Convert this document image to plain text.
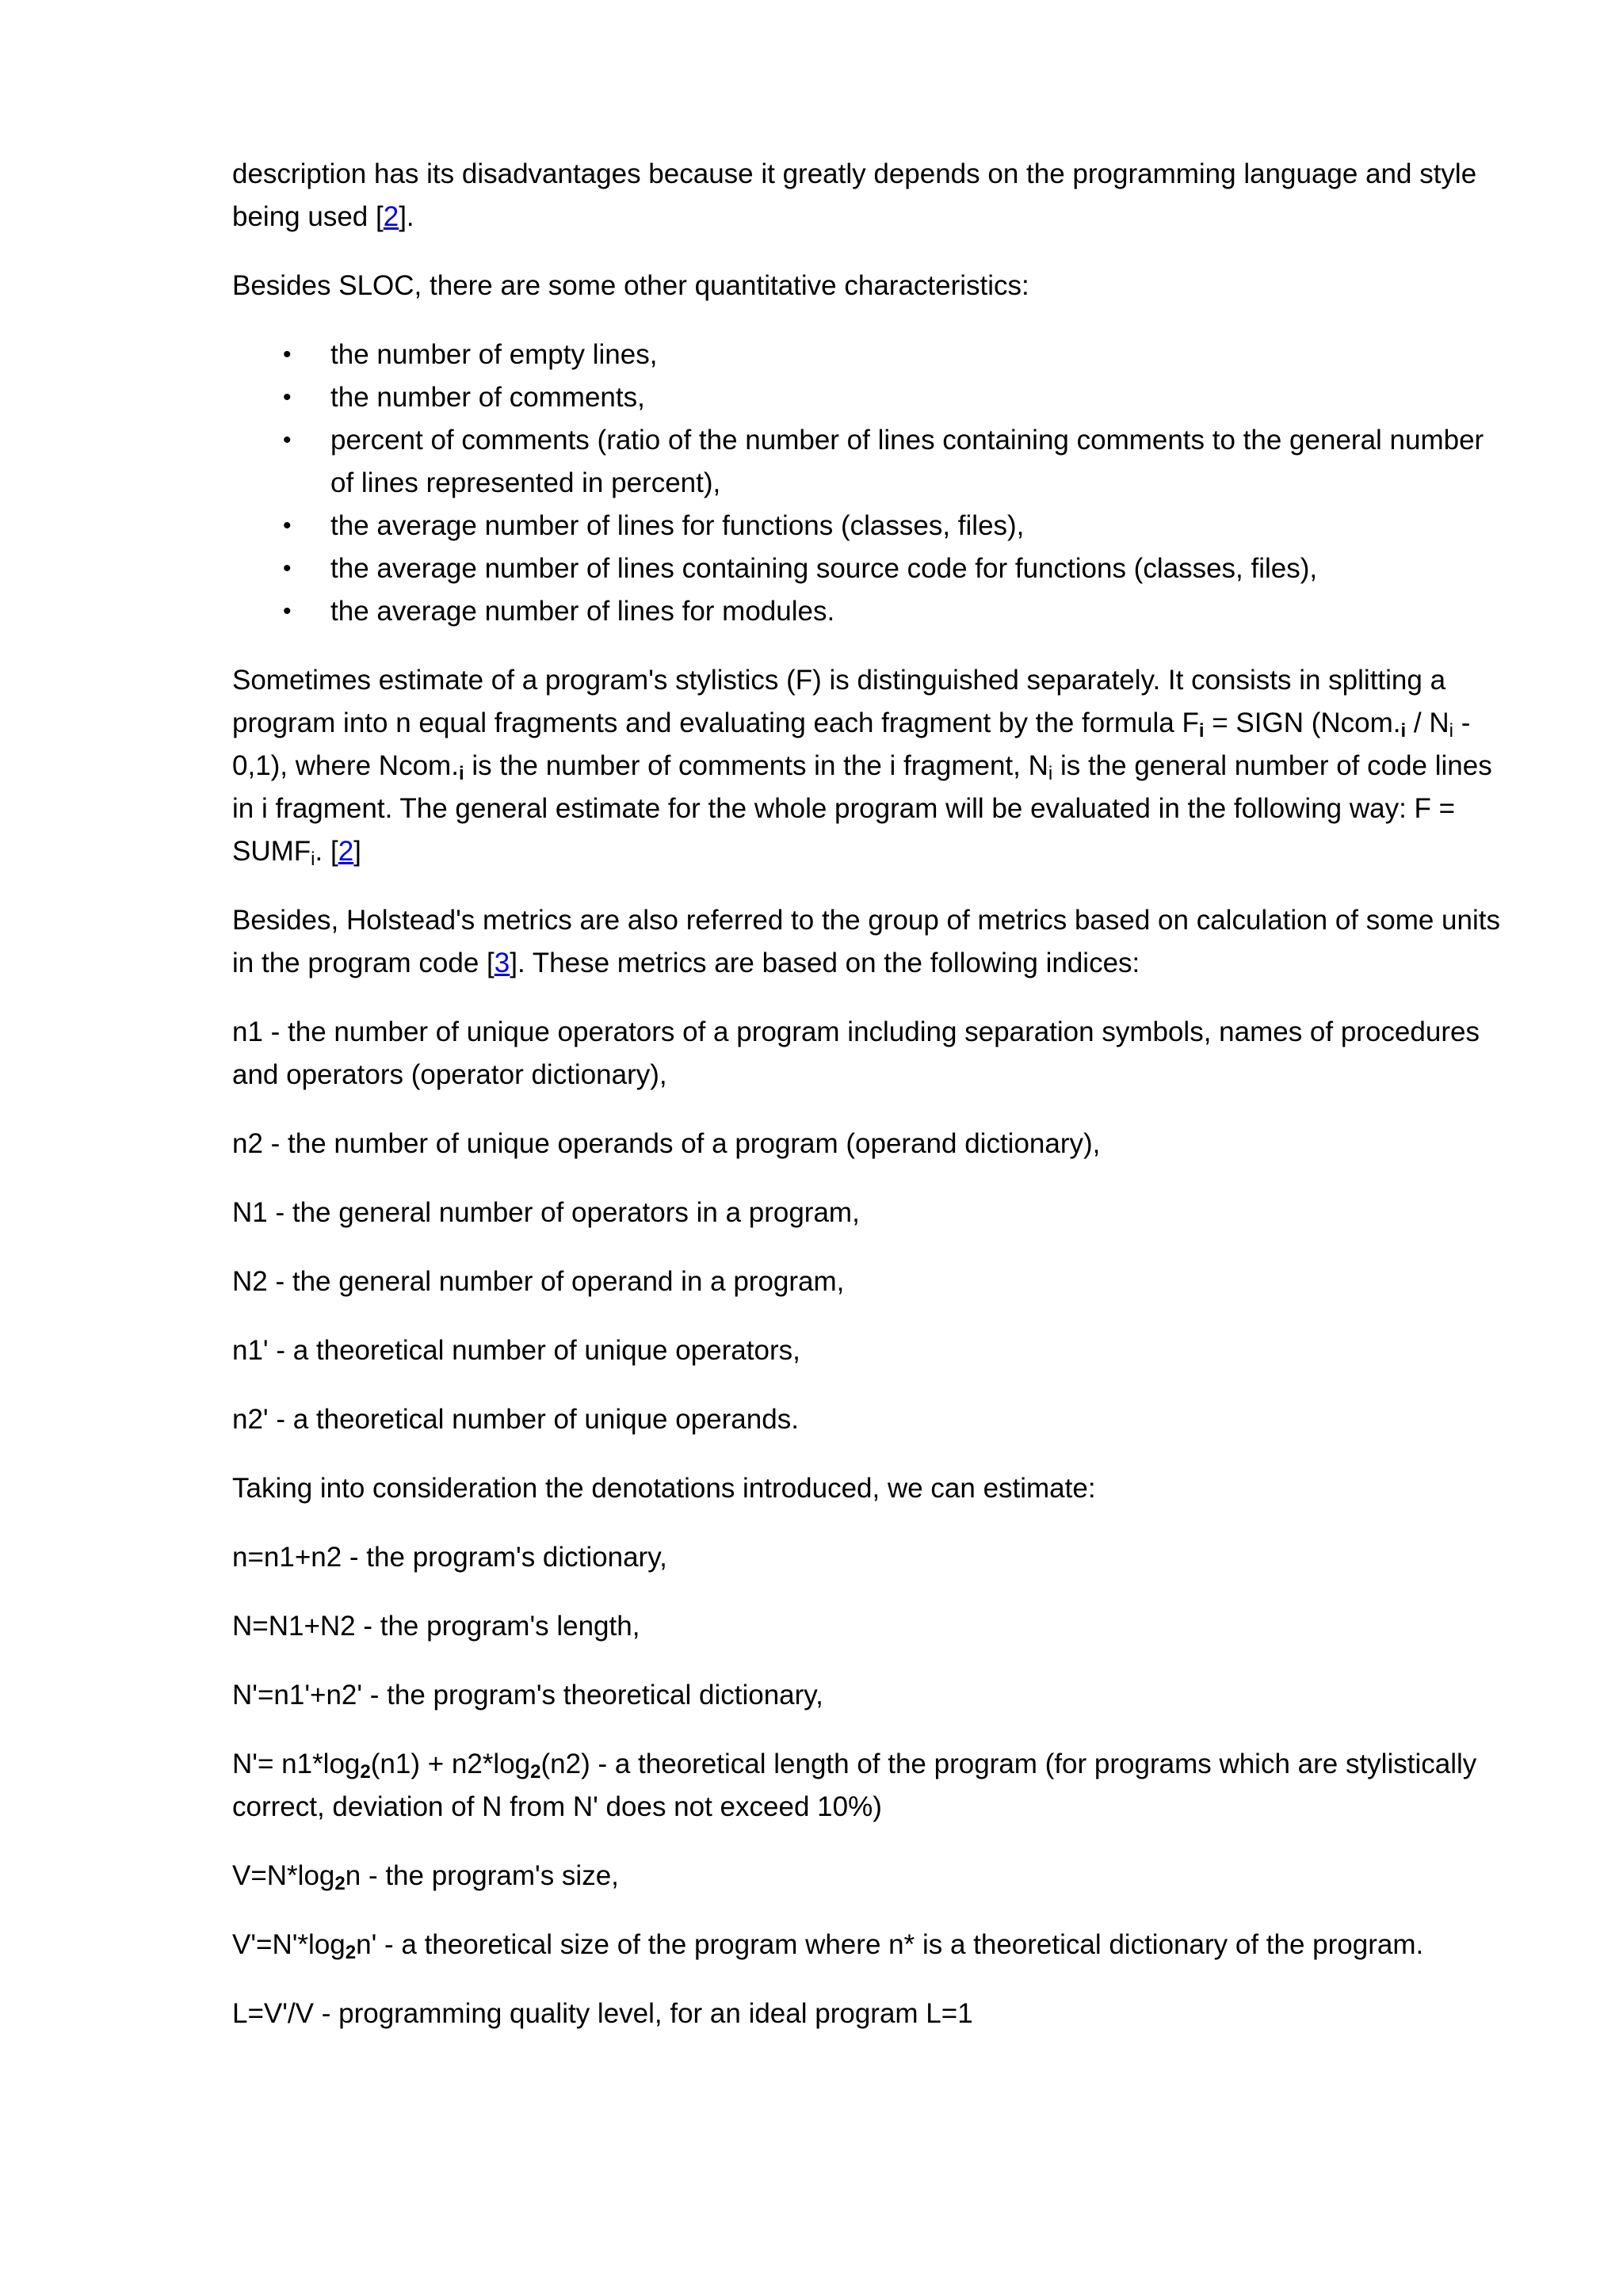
description has its disadvantages because it greatly depends on the programming language and style being used [2].

Besides SLOC, there are some other quantitative characteristics:

• the number of empty lines,
• the number of comments,
• percent of comments (ratio of the number of lines containing comments to the general number of lines represented in percent),
• the average number of lines for functions (classes, files),
• the average number of lines containing source code for functions (classes, files),
• the average number of lines for modules.

Sometimes estimate of a program's stylistics (F) is distinguished separately. It consists in splitting a program into n equal fragments and evaluating each fragment by the formula $F_i$ = SIGN $(Ncom._i / N_i - 0,1)$, where $Ncom._i$ is the number of comments in the i fragment, $N_i$ is the general number of code lines in i fragment. The general estimate for the whole program will be evaluated in the following way: $F = SUMF_i$. [2]

Besides, Holstead's metrics are also referred to the group of metrics based on calculation of some units in the program code [3]. These metrics are based on the following indices:

n1 - the number of unique operators of a program including separation symbols, names of procedures and operators (operator dictionary),

n2 - the number of unique operands of a program (operand dictionary),

N1 - the general number of operators in a program,

N2 - the general number of operand in a program,

n1' - a theoretical number of unique operators,

n2' - a theoretical number of unique operands.

Taking into consideration the denotations introduced, we can estimate:

n=n1+n2 - the program's dictionary,

N=N1+N2 - the program's length,

N'=n1'+n2' - the program's theoretical dictionary,

$N'= n1*\log_2(n1) + n2*\log_2(n2) - a$ theoretical length of the program (for programs which are stylistically correct, deviation of N from N' does not exceed 10%)

$V=N*\log_2n$ - the program's size,

$V'=N'*\log_2n' - a$ theoretical size of the program where n* is a theoretical dictionary of the program.

L=V'/V - programming quality level, for an ideal program L=1
